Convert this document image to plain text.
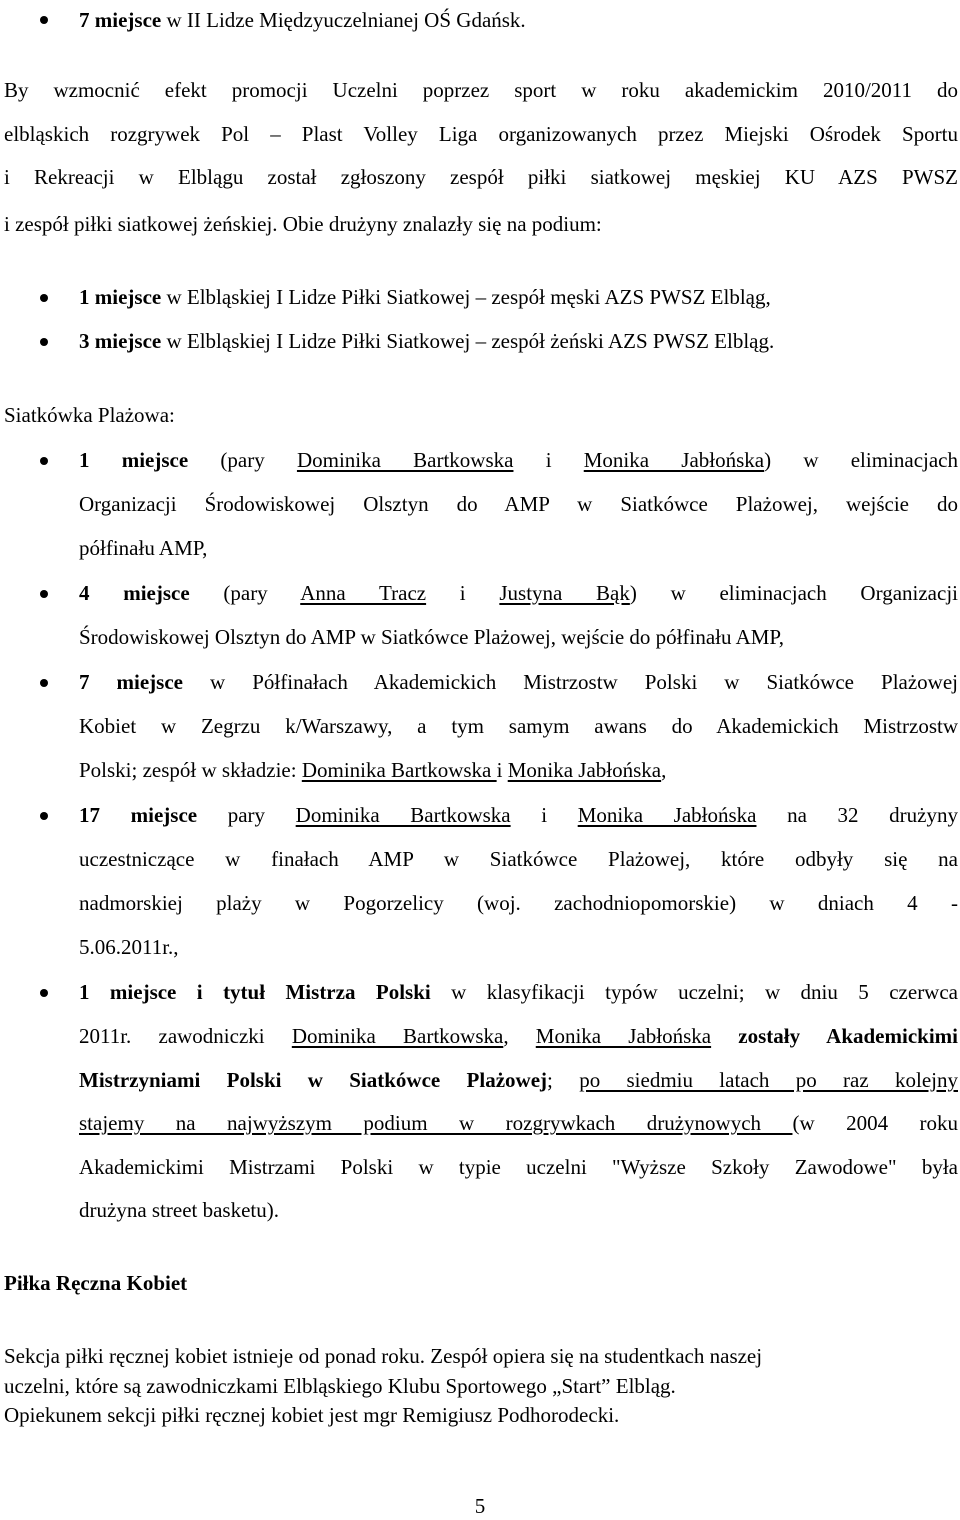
7 miejsce w II Lidze Międzyuczelnianej OŚ Gdańsk.
By wzmocnić efekt promocji Uczelni poprzez sport w roku akademickim 2010/2011 do
elbląskich rozgrywek Pol – Plast Volley Liga organizowanych przez Miejski Ośrodek Sportu
i Rekreacji w Elblągu został zgłoszony zespół piłki siatkowej męskiej KU AZS PWSZ
i zespół piłki siatkowej żeńskiej. Obie drużyny znalazły się na podium:
1 miejsce w Elbląskiej I Lidze Piłki Siatkowej – zespół męski AZS PWSZ Elbląg,
3 miejsce w Elbląskiej I Lidze Piłki Siatkowej – zespół żeński AZS PWSZ Elbląg.
Siatkówka Plażowa:
1 miejsce (pary Dominika Bartkowska i Monika Jabłońska) w eliminacjach
Organizacji Środowiskowej Olsztyn do AMP w Siatkówce Plażowej, wejście do
półfinału AMP,
4 miejsce (pary Anna Tracz i Justyna Bąk) w eliminacjach Organizacji
Środowiskowej Olsztyn do AMP w Siatkówce Plażowej, wejście do półfinału AMP,
7 miejsce w Półfinałach Akademickich Mistrzostw Polski w Siatkówce Plażowej
Kobiet w Zegrzu k/Warszawy, a tym samym awans do Akademickich Mistrzostw
Polski; zespół w składzie: Dominika Bartkowska i Monika Jabłońska,
17 miejsce pary Dominika Bartkowska i Monika Jabłońska na 32 drużyny
uczestniczące w finałach AMP w Siatkówce Plażowej, które odbyły się na
nadmorskiej plaży w Pogorzelicy (woj. zachodniopomorskie) w dniach 4 -
5.06.2011r.,
1 miejsce i tytuł Mistrza Polski w klasyfikacji typów uczelni; w dniu 5 czerwca
2011r. zawodniczki Dominika Bartkowska, Monika Jabłońska zostały Akademickimi
Mistrzyniami Polski w Siatkówce Plażowej; po siedmiu latach po raz kolejny
stajemy na najwyższym podium w rozgrywkach drużynowych (w 2004 roku
Akademickimi Mistrzami Polski w typie uczelni "Wyższe Szkoły Zawodowe" była
drużyna street basketu).
Piłka Ręczna Kobiet
Sekcja piłki ręcznej kobiet istnieje od ponad roku. Zespół opiera się na studentkach naszej
uczelni, które są zawodniczkami Elbląskiego Klubu Sportowego „Start” Elbląg.
Opiekunem sekcji piłki ręcznej kobiet jest mgr Remigiusz Podhorodecki.
5
